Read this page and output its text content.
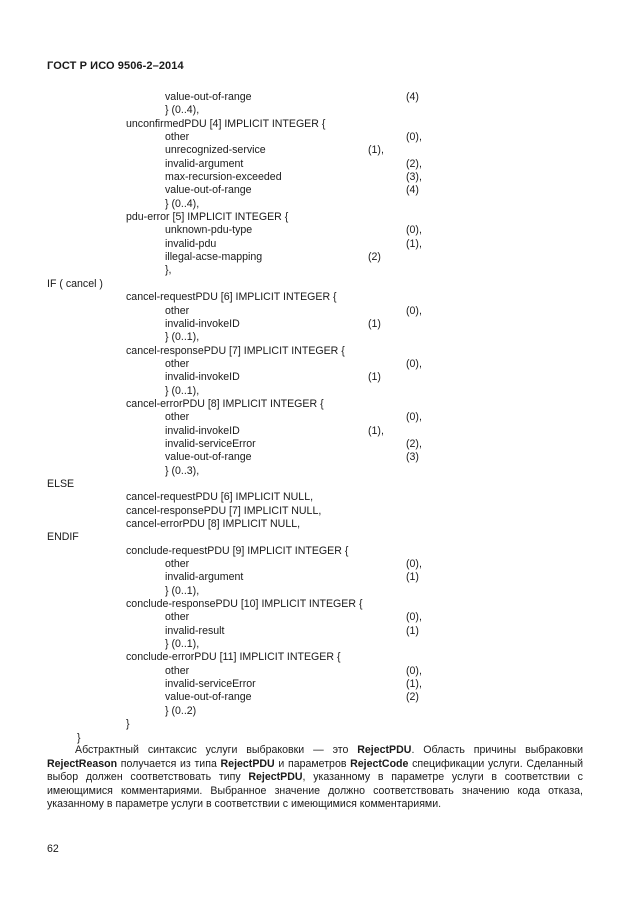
ГОСТ Р ИСО 9506-2–2014
value-out-of-range	(4)
} (0..4),
unconfirmedPDU [4] IMPLICIT INTEGER {
other	(0),
unrecognized-service	(1),
invalid-argument	(2),
max-recursion-exceeded	(3),
value-out-of-range	(4)
} (0..4),
pdu-error [5] IMPLICIT INTEGER {
unknown-pdu-type	(0),
invalid-pdu	(1),
illegal-acse-mapping	(2)
},
IF ( cancel )
cancel-requestPDU [6] IMPLICIT INTEGER {
other	(0),
invalid-invokeID	(1)
} (0..1),
cancel-responsePDU [7] IMPLICIT INTEGER {
other	(0),
invalid-invokeID	(1)
} (0..1),
cancel-errorPDU [8] IMPLICIT INTEGER {
other	(0),
invalid-invokeID	(1),
invalid-serviceError	(2),
value-out-of-range	(3)
} (0..3),
ELSE
cancel-requestPDU [6] IMPLICIT NULL,
cancel-responsePDU [7] IMPLICIT NULL,
cancel-errorPDU [8] IMPLICIT NULL,
ENDIF
conclude-requestPDU [9] IMPLICIT INTEGER {
other	(0),
invalid-argument	(1)
} (0..1),
conclude-responsePDU [10] IMPLICIT INTEGER {
other	(0),
invalid-result	(1)
} (0..1),
conclude-errorPDU [11] IMPLICIT INTEGER {
other	(0),
invalid-serviceError	(1),
value-out-of-range	(2)
} (0..2)
}
}

Абстрактный синтаксис услуги выбраковки — это RejectPDU. Область причины выбраковки RejectReason получается из типа RejectPDU и параметров RejectCode спецификации услуги. Сделанный выбор должен соответствовать типу RejectPDU, указанному в параметре услуги в соответствии с имеющимися комментариями. Выбранное значение должно соответствовать значению кода отказа, указанному в параметре услуги в соответствии с имеющимися комментариями.

62
